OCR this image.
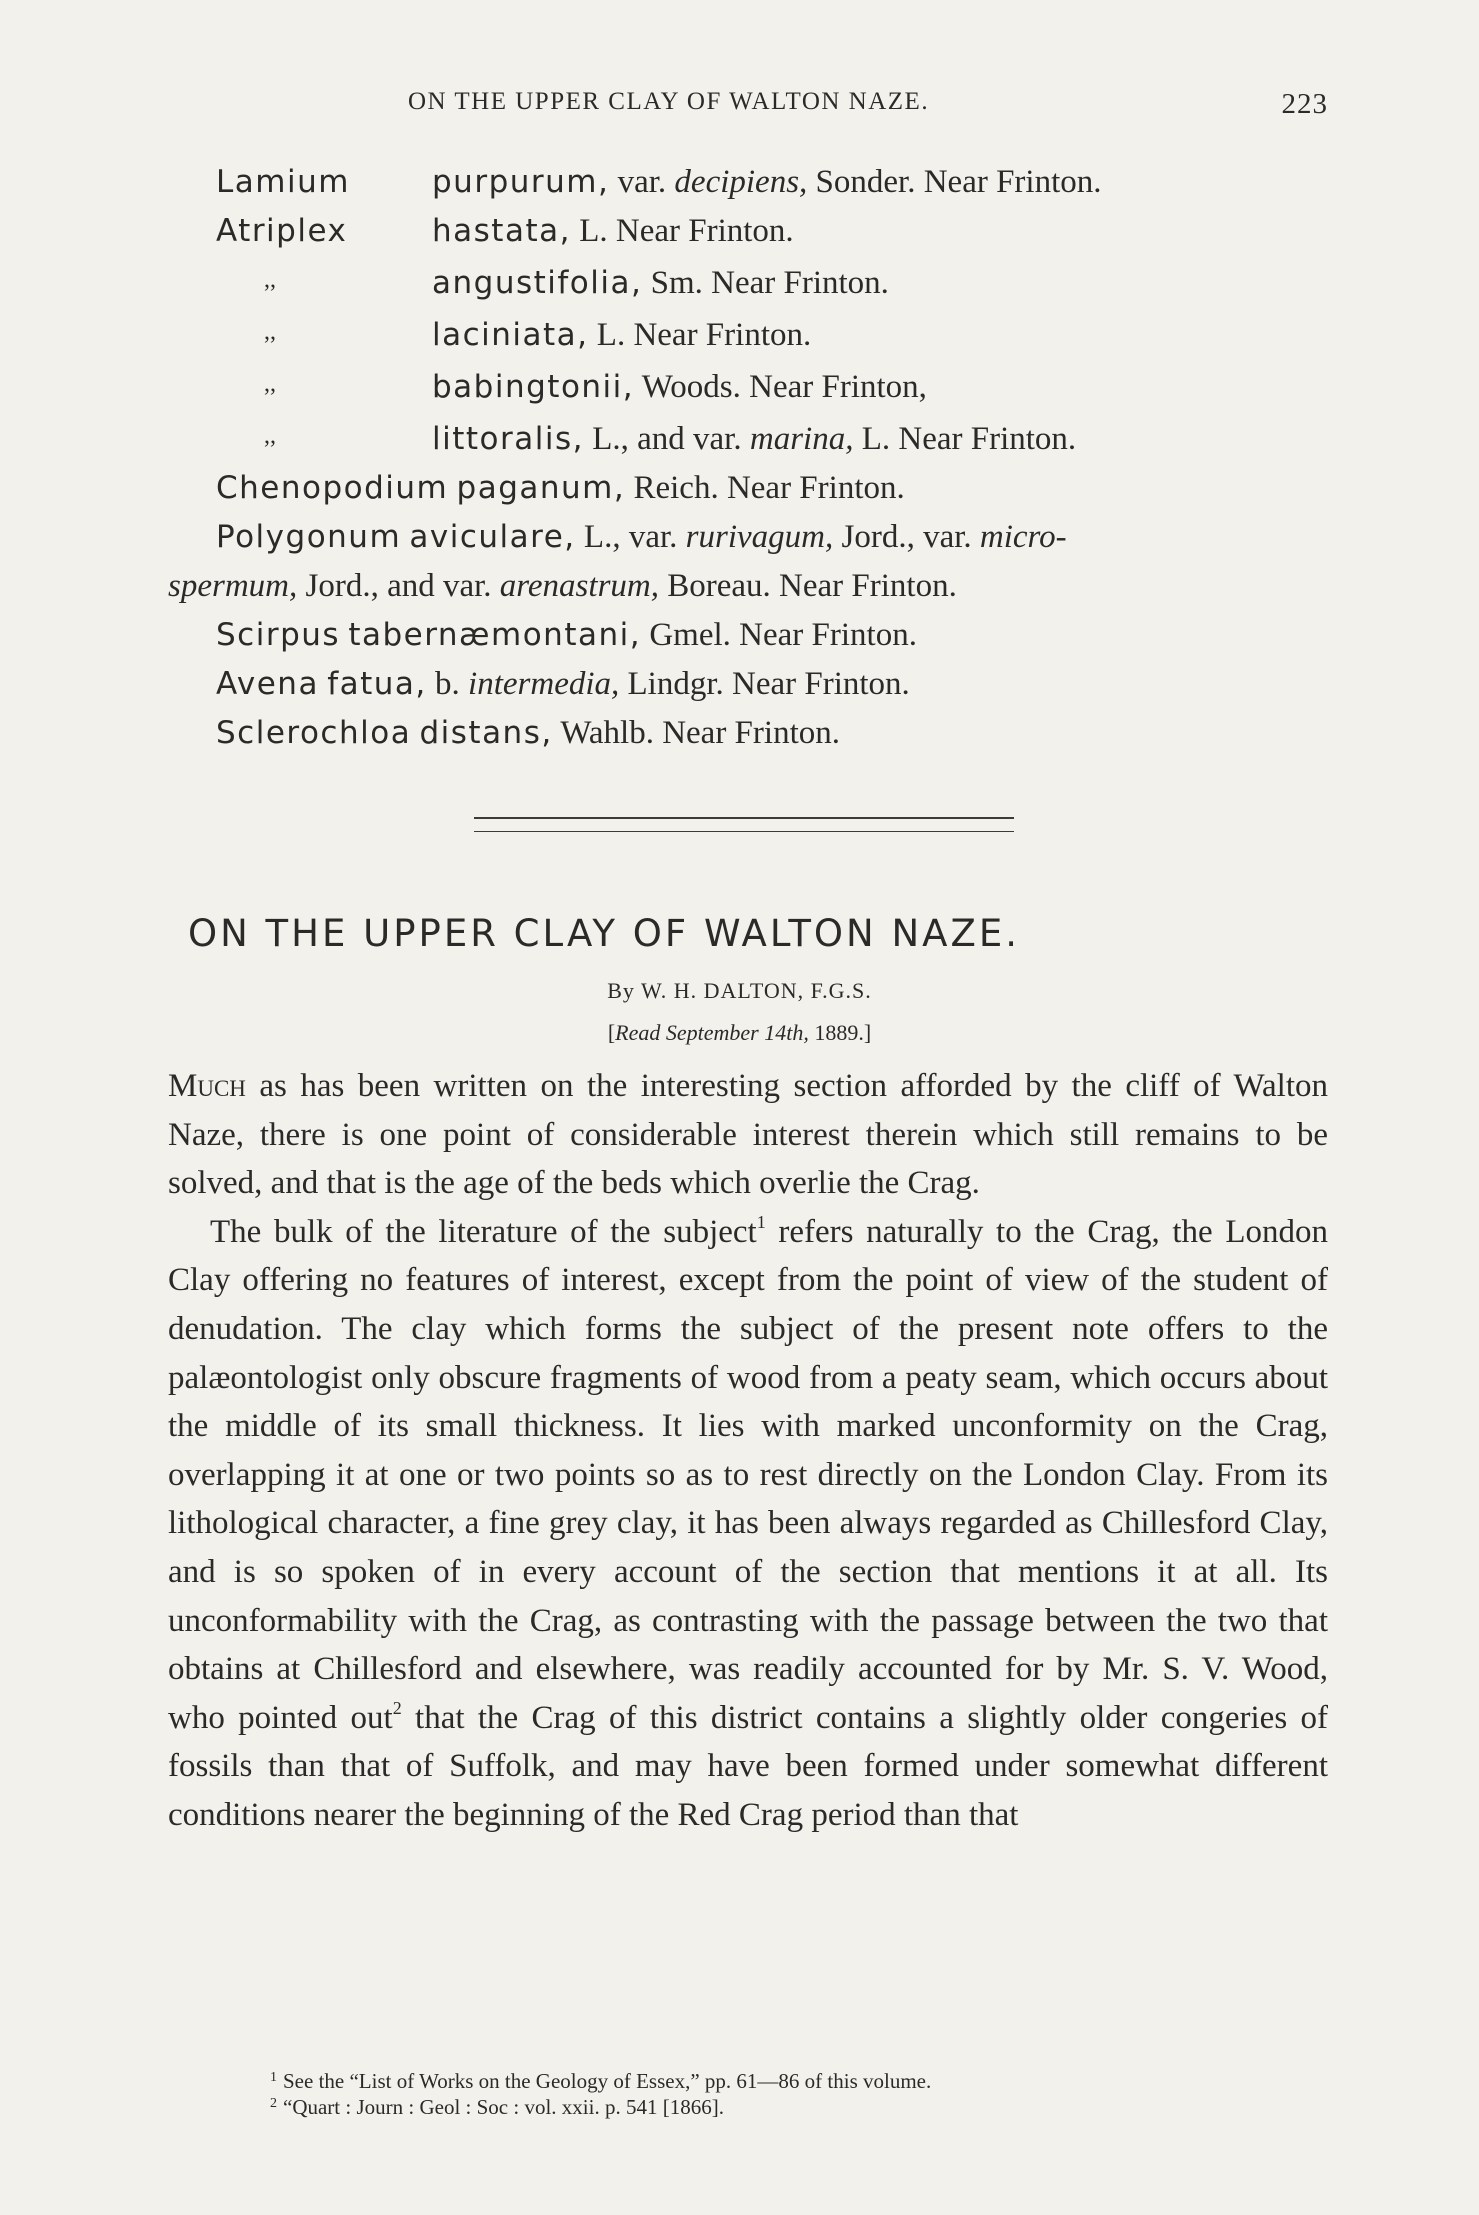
ON THE UPPER CLAY OF WALTON NAZE.	223
Lamium	purpurum, var. decipiens, Sonder. Near Frinton.
Atriplex	hastata, L. Near Frinton.
,,	angustifolia, Sm. Near Frinton.
,,	laciniata, L. Near Frinton.
,,	babingtonii, Woods. Near Frinton,
,,	littoralis, L., and var. marina, L. Near Frinton.
Chenopodium paganum, Reich. Near Frinton.
Polygonum aviculare, L., var. rurivagum, Jord., var. micro-
spermum, Jord., and var. arenastrum, Boreau. Near Frinton.
Scirpus tabernæmontani, Gmel. Near Frinton.
Avena fatua, b. intermedia, Lindgr. Near Frinton.
Sclerochloa distans, Wahlb. Near Frinton.
ON THE UPPER CLAY OF WALTON NAZE.
By W. H. DALTON, F.G.S.
[Read September 14th, 1889.]

Much as has been written on the interesting section afforded by the cliff of Walton Naze, there is one point of considerable interest therein which still remains to be solved, and that is the age of the beds which overlie the Crag.

The bulk of the literature of the subject$^1$ refers naturally to the Crag, the London Clay offering no features of interest, except from the point of view of the student of denudation. The clay which forms the subject of the present note offers to the palæontologist only obscure fragments of wood from a peaty seam, which occurs about the middle of its small thickness. It lies with marked unconformity on the Crag, overlapping it at one or two points so as to rest directly on the London Clay. From its lithological character, a fine grey clay, it has been always regarded as Chillesford Clay, and is so spoken of in every account of the section that mentions it at all. Its unconformability with the Crag, as contrasting with the passage between the two that obtains at Chillesford and elsewhere, was readily accounted for by Mr. S. V. Wood, who pointed out$^2$ that the Crag of this district contains a slightly older congeries of fossils than that of Suffolk, and may have been formed under somewhat different conditions nearer the beginning of the Red Crag period than that

$^1$ See the “List of Works on the Geology of Essex,” pp. 61—86 of this volume.
$^2$ “Quart : Journ : Geol : Soc : vol. xxii. p. 541 [1866].
